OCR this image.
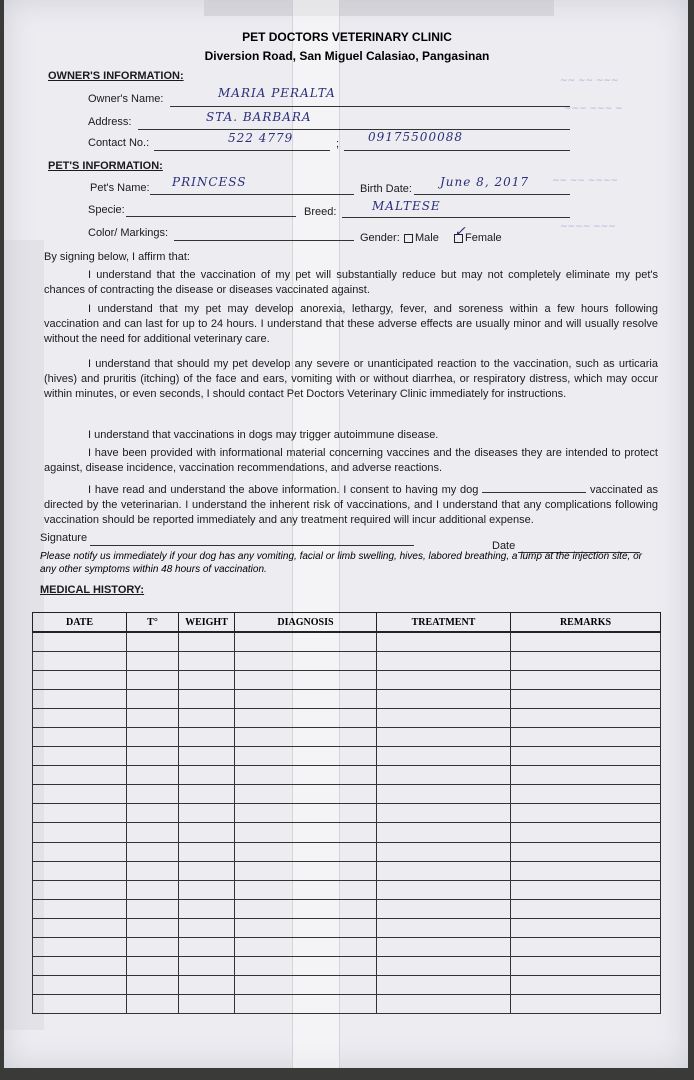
~~ ~~ ~~~
~~~ ~~~ ~
~~ ~~ ~~~~
~~~~ ~~~
PET DOCTORS VETERINARY CLINIC
Diversion Road, San Miguel Calasiao, Pangasinan
OWNER'S INFORMATION:
Owner's Name:	MARIA PERALTA
Address:	STA. BARBARA
Contact No.:	522 4779	; 09175500088
PET'S INFORMATION:
Pet's Name: PRINCESS	Birth Date: June 8, 2017
Specie:	Breed:	MALTESE
Color/ Markings:	Gender:	Male	Female
✓
By signing below, I affirm that:
I understand that the vaccination of my pet will substantially reduce but may not completely eliminate my pet's chances of contracting the disease or diseases vaccinated against.
I understand that my pet may develop anorexia, lethargy, fever, and soreness within a few hours following vaccination and can last for up to 24 hours. I understand that these adverse effects are usually minor and will usually resolve without the need for additional veterinary care.
I understand that should my pet develop any severe or unanticipated reaction to the vaccination, such as urticaria (hives) and pruritis (itching) of the face and ears, vomiting with or without diarrhea, or respiratory distress, which may occur within minutes, or even seconds, I should contact Pet Doctors Veterinary Clinic immediately for instructions.
I understand that vaccinations in dogs may trigger autoimmune disease.
I have been provided with informational material concerning vaccines and the diseases they are intended to protect against, disease incidence, vaccination recommendations, and adverse reactions.
I have read and understand the above information. I consent to having my dog	vaccinated as directed by the veterinarian. I understand the inherent risk of vaccinations, and I understand that any complications following vaccination should be reported immediately and any treatment required will incur additional expense.
Signature
Date
Please notify us immediately if your dog has any vomiting, facial or limb swelling, hives, labored breathing, a lump at the injection site, or any other symptoms within 48 hours of vaccination.
MEDICAL HISTORY:
DATE	T°	WEIGHT	DIAGNOSIS	TREATMENT	REMARKS
